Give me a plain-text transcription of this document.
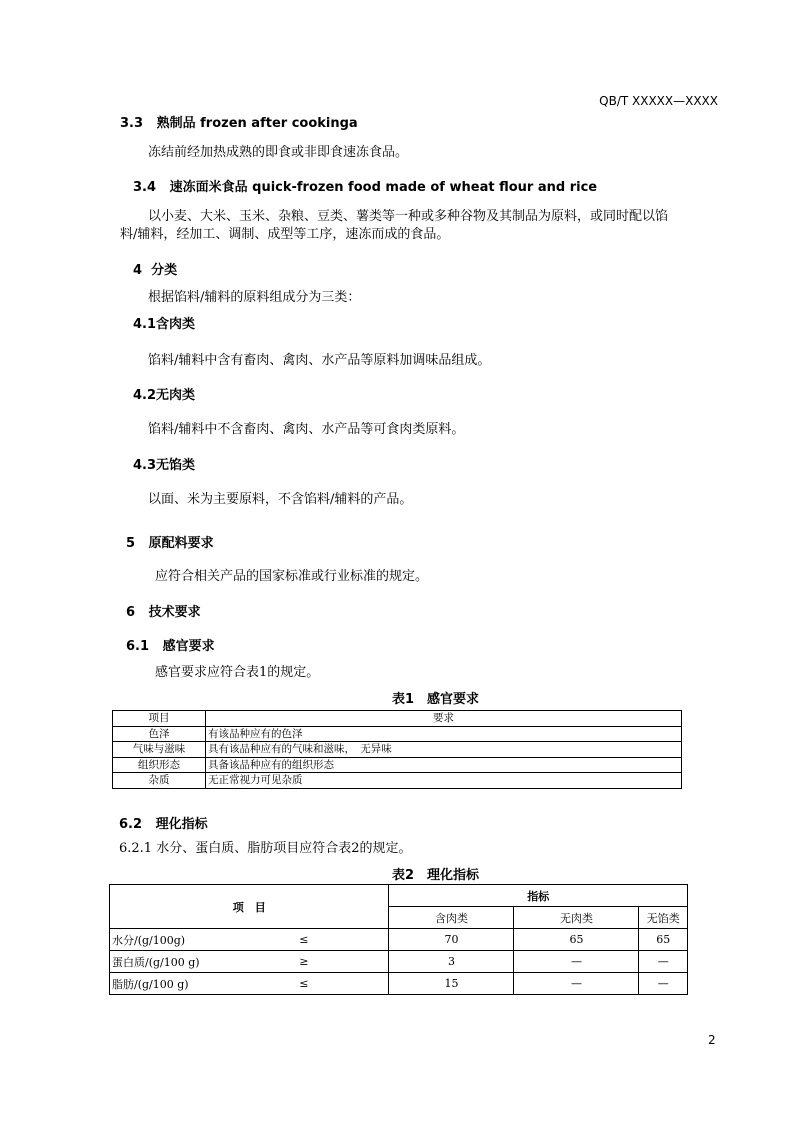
QB/T XXXXX—XXXX
3.3 熟制品 frozen after cookinga
冻结前经加热成熟的即食或非即食速冻食品。
3.4 速冻面米食品 quick-frozen food made of wheat flour and rice
以小麦、大米、玉米、杂粮、豆类、薯类等一种或多种谷物及其制品为原料，或同时配以馅
料/辅料，经加工、调制、成型等工序，速冻而成的食品。
4 分类
根据馅料/辅料的原料组成分为三类：
4.1含肉类
馅料/辅料中含有畜肉、禽肉、水产品等原料加调味品组成。
4.2无肉类
馅料/辅料中不含畜肉、禽肉、水产品等可食肉类原料。
4.3无馅类
以面、米为主要原料，不含馅料/辅料的产品。
5 原配料要求
应符合相关产品的国家标准或行业标准的规定。
6 技术要求
6.1 感官要求
感官要求应符合表1的规定。
表1　感官要求
项目	要求
色泽	有该品种应有的色泽
气味与滋味	具有该品种应有的气味和滋味，　无异味
组织形态	具备该品种应有的组织形态
杂质	无正常视力可见杂质
6.2 理化指标
6.2.1 水分、蛋白质、脂肪项目应符合表2的规定。
表2　理化指标
项　目		指标		
		含肉类	无肉类	无馅类
水分/(g/100g)	≤	70	65	65
蛋白质/(g/100 g)	≥	3	—	—
脂肪/(g/100 g)	≤	15	—	—
2
